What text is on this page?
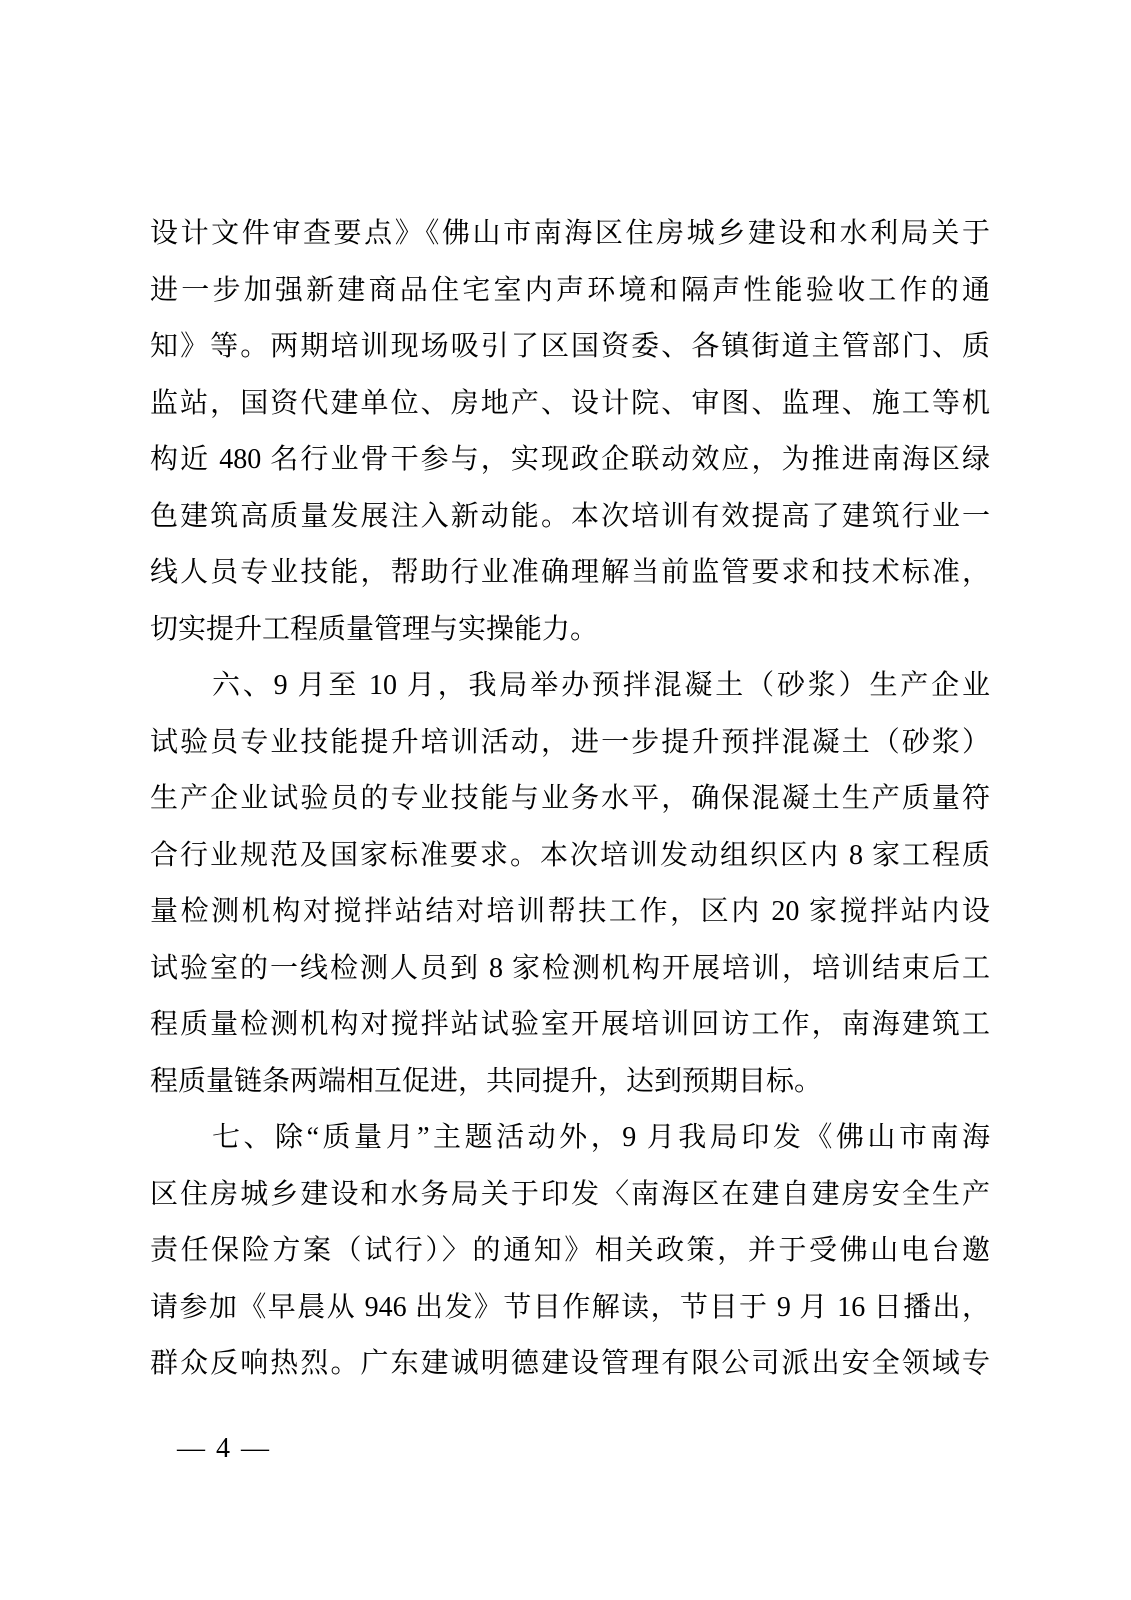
设计文件审查要点》《佛山市南海区住房城乡建设和水利局关于
进一步加强新建商品住宅室内声环境和隔声性能验收工作的通
知》等。两期培训现场吸引了区国资委、各镇街道主管部门、质
监站，国资代建单位、房地产、设计院、审图、监理、施工等机
构近 480 名行业骨干参与，实现政企联动效应，为推进南海区绿
色建筑高质量发展注入新动能。本次培训有效提高了建筑行业一
线人员专业技能，帮助行业准确理解当前监管要求和技术标准，
切实提升工程质量管理与实操能力。
六、9 月至 10 月，我局举办预拌混凝土（砂浆）生产企业
试验员专业技能提升培训活动，进一步提升预拌混凝土（砂浆）
生产企业试验员的专业技能与业务水平，确保混凝土生产质量符
合行业规范及国家标准要求。本次培训发动组织区内 8 家工程质
量检测机构对搅拌站结对培训帮扶工作，区内 20 家搅拌站内设
试验室的一线检测人员到 8 家检测机构开展培训，培训结束后工
程质量检测机构对搅拌站试验室开展培训回访工作，南海建筑工
程质量链条两端相互促进，共同提升，达到预期目标。
七、除“质量月”主题活动外，9 月我局印发《佛山市南海
区住房城乡建设和水务局关于印发〈南海区在建自建房安全生产
责任保险方案（试行）〉的通知》相关政策，并于受佛山电台邀
请参加《早晨从 946 出发》节目作解读，节目于 9 月 16 日播出，
群众反响热烈。广东建诚明德建设管理有限公司派出安全领域专
— 4 —
